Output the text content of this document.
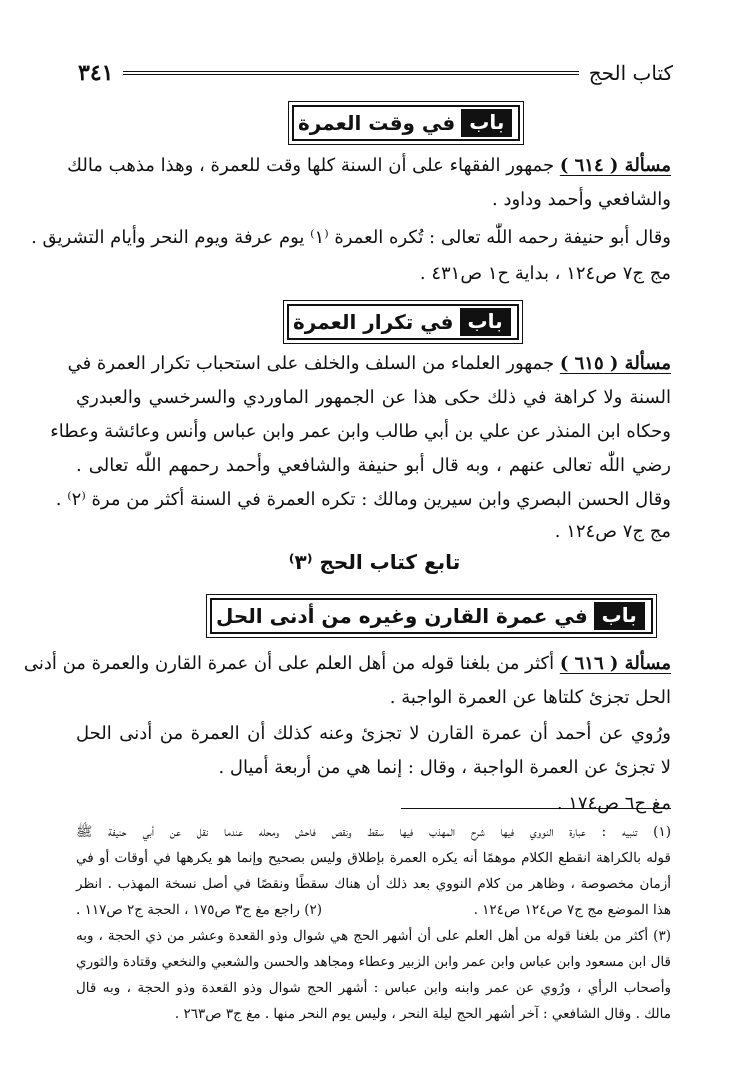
كتاب الحج
٣٤١
باب
في وقت العمرة
مسألة ( ٦١٤ ) جمهور الفقهاء على أن السنة كلها وقت للعمرة ، وهذا مذهب مالك
والشافعي وأحمد وداود .
وقال أبو حنيفة رحمه اللّٰه تعالى : تُكره العمرة ⁽١⁾ يوم عرفة ويوم النحر وأيام التشريق .
مج ج٧ ص١٢٤ ، بداية ح١ ص٤٣١ .
باب
في تكرار العمرة
مسألة ( ٦١٥ ) جمهور العلماء من السلف والخلف على استحباب تكرار العمرة في
السنة ولا كراهة في ذلك حكى هذا عن الجمهور الماوردي والسرخسي والعبدري
وحكاه ابن المنذر عن علي بن أبي طالب وابن عمر وابن عباس وأنس وعائشة وعطاء
رضي اللّٰه تعالى عنهم ، وبه قال أبو حنيفة والشافعي وأحمد رحمهم اللّٰه تعالى .
وقال الحسن البصري وابن سيرين ومالك : تكره العمرة في السنة أكثر من مرة ⁽٢⁾ .
مج ج٧ ص١٢٤ .
تابع كتاب الحج ⁽٣⁾
باب
في عمرة القارن وغيره من أدنى الحل
مسألة ( ٦١٦ ) أكثر من بلغنا قوله من أهل العلم على أن عمرة القارن والعمرة من أدنى
الحل تجزئ كلتاها عن العمرة الواجبة .
ورُوي عن أحمد أن عمرة القارن لا تجزئ وعنه كذلك أن العمرة من أدنى الحل
لا تجزئ عن العمرة الواجبة ، وقال : إنما هي من أربعة أميال .
مغ ج٦ ص١٧٤ .
(١) تنبيه : عبارة النووي فيها شرح المهذب فيها سقط ونقص فاحش ومحله عندما نقل عن أبي حنيفة ﷺ
قوله بالكراهة انقطع الكلام موهمًا أنه يكره العمرة بإطلاق وليس بصحيح وإنما هو يكرهها في أوقات أو في
أزمان مخصوصة ، وظاهر من كلام النووي بعد ذلك أن هناك سقطًا ونقصًا في أصل نسخة المهذب . انظر
هذا الموضع مج ج٧ ص١٢٤ ص١٢٤ .
(٢) راجع مغ ج٣ ص١٧٥ ، الحجة ج٢ ص١١٧ .
(٣) أكثر من بلغنا قوله من أهل العلم على أن أشهر الحج هي شوال وذو القعدة وعشر من ذي الحجة ، وبه
قال ابن مسعود وابن عباس وابن عمر وابن الزبير وعطاء ومجاهد والحسن والشعبي والنخعي وقتادة والثوري
وأصحاب الرأي ، ورُوي عن عمر وابنه وابن عباس : أشهر الحج شوال وذو القعدة وذو الحجة ، وبه قال
مالك . وقال الشافعي : آخر أشهر الحج ليلة النحر ، وليس يوم النحر منها . مغ ج٣ ص٢٦٣ .
